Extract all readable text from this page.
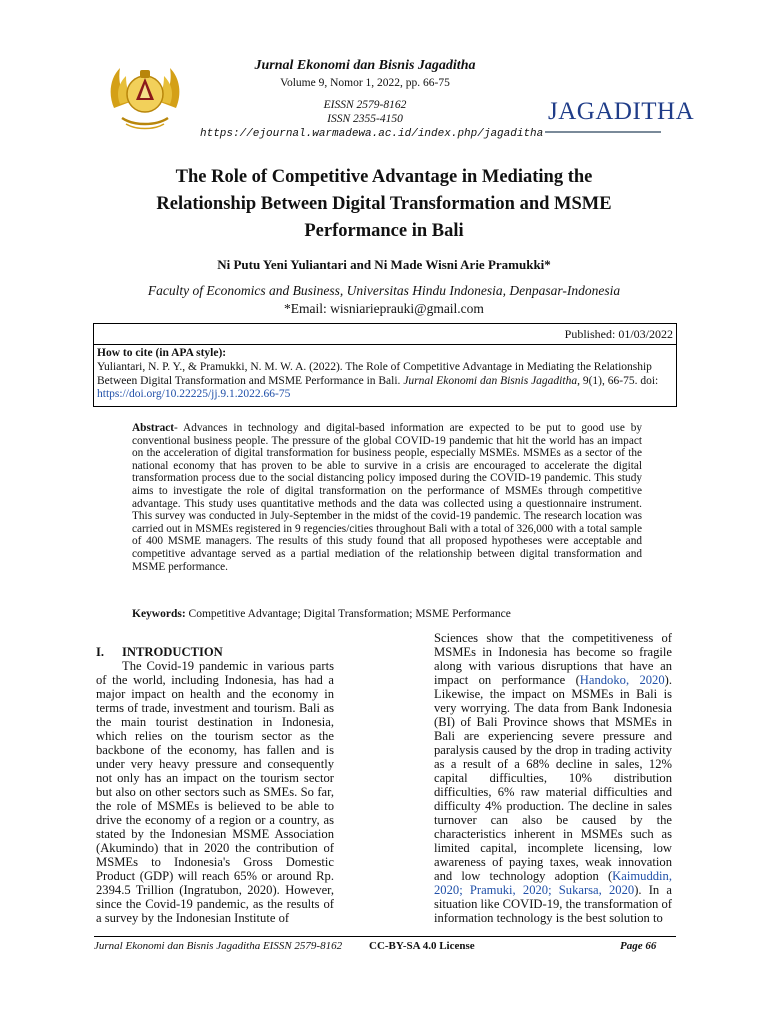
Jurnal Ekonomi dan Bisnis Jagaditha
Volume 9, Nomor 1, 2022, pp. 66-75
EISSN 2579-8162
ISSN 2355-4150
https://ejournal.warmadewa.ac.id/index.php/jagaditha
JAGADITHA
The Role of Competitive Advantage in Mediating the
Relationship Between Digital Transformation and MSME
Performance in Bali
Ni Putu Yeni Yuliantari and Ni Made Wisni Arie Pramukki*
Faculty of Economics and Business, Universitas Hindu Indonesia, Denpasar-Indonesia
*Email: wisniarieprauki@gmail.com
Published: 01/03/2022
How to cite (in APA style):
Yuliantari, N. P. Y., & Pramukki, N. M. W. A. (2022). The Role of Competitive Advantage in Mediating the Relationship Between Digital Transformation and MSME Performance in Bali. Jurnal Ekonomi dan Bisnis Jagaditha, 9(1), 66-75. doi: https://doi.org/10.22225/jj.9.1.2022.66-75
Abstract- Advances in technology and digital-based information are expected to be put to good use by conventional business people. The pressure of the global COVID-19 pandemic that hit the world has an impact on the acceleration of digital transformation for business people, especially MSMEs. MSMEs as a sector of the national economy that has proven to be able to survive in a crisis are encouraged to accelerate the digital transformation process due to the social distancing policy imposed during the COVID-19 pandemic. This study aims to investigate the role of digital transformation on the performance of MSMEs through competitive advantage. This study uses quantitative methods and the data was collected using a questionnaire instrument. This survey was conducted in July-September in the midst of the covid-19 pandemic. The research location was carried out in MSMEs registered in 9 regencies/cities throughout Bali with a total of 326,000 with a total sample of 400 MSME managers. The results of this study found that all proposed hypotheses were acceptable and competitive advantage served as a partial mediation of the relationship between digital transformation and MSME performance.
Keywords: Competitive Advantage; Digital Transformation; MSME Performance
I. INTRODUCTION
The Covid-19 pandemic in various parts of the world, including Indonesia, has had a major impact on health and the economy in terms of trade, investment and tourism. Bali as the main tourist destination in Indonesia, which relies on the tourism sector as the backbone of the economy, has fallen and is under very heavy pressure and consequently not only has an impact on the tourism sector but also on other sectors such as SMEs. So far, the role of MSMEs is believed to be able to drive the economy of a region or a country, as stated by the Indonesian MSME Association (Akumindo) that in 2020 the contribution of MSMEs to Indonesia's Gross Domestic Product (GDP) will reach 65% or around Rp. 2394.5 Trillion (Ingratubon, 2020). However, since the Covid-19 pandemic, as the results of a survey by the Indonesian Institute of
Sciences show that the competitiveness of MSMEs in Indonesia has become so fragile along with various disruptions that have an impact on performance (Handoko, 2020). Likewise, the impact on MSMEs in Bali is very worrying. The data from Bank Indonesia (BI) of Bali Province shows that MSMEs in Bali are experiencing severe pressure and paralysis caused by the drop in trading activity as a result of a 68% decline in sales, 12% capital difficulties, 10% distribution difficulties, 6% raw material difficulties and difficulty 4% production. The decline in sales turnover can also be caused by the characteristics inherent in MSMEs such as limited capital, incomplete licensing, low awareness of paying taxes, weak innovation and low technology adoption (Kaimuddin, 2020; Pramuki, 2020; Sukarsa, 2020). In a situation like COVID-19, the transformation of information technology is the best solution to
Jurnal Ekonomi dan Bisnis Jagaditha EISSN 2579-8162 CC-BY-SA 4.0 License	Page 66
